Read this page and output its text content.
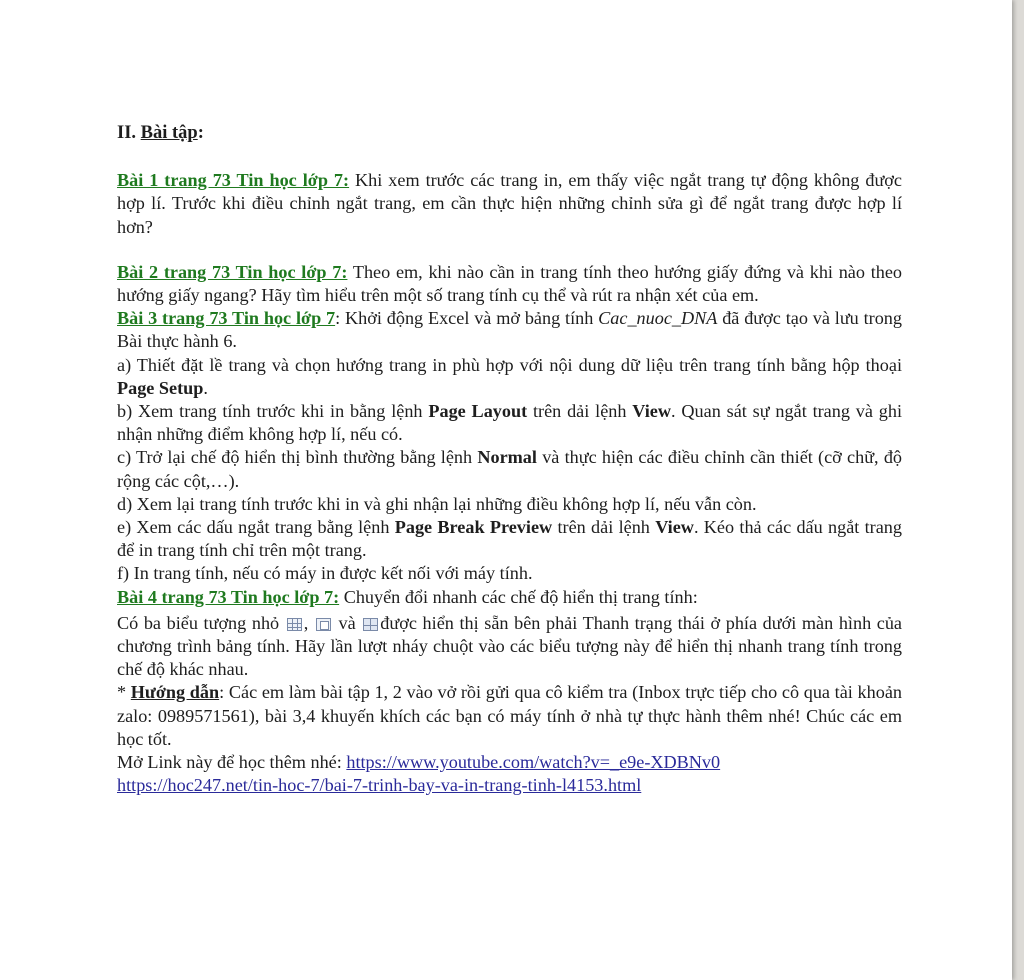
II. Bài tập:

Bài 1 trang 73 Tin học lớp 7: Khi xem trước các trang in, em thấy việc ngắt trang tự động không được hợp lí. Trước khi điều chỉnh ngắt trang, em cần thực hiện những chỉnh sửa gì để ngắt trang được hợp lí hơn?

Bài 2 trang 73 Tin học lớp 7: Theo em, khi nào cần in trang tính theo hướng giấy đứng và khi nào theo hướng giấy ngang? Hãy tìm hiểu trên một số trang tính cụ thể và rút ra nhận xét của em.

Bài 3 trang 73 Tin học lớp 7: Khởi động Excel và mở bảng tính Cac_nuoc_DNA đã được tạo và lưu trong Bài thực hành 6.

a) Thiết đặt lề trang và chọn hướng trang in phù hợp với nội dung dữ liệu trên trang tính bằng hộp thoại Page Setup.

b) Xem trang tính trước khi in bằng lệnh Page Layout trên dải lệnh View. Quan sát sự ngắt trang và ghi nhận những điểm không hợp lí, nếu có.

c) Trở lại chế độ hiển thị bình thường bằng lệnh Normal và thực hiện các điều chỉnh cần thiết (cỡ chữ, độ rộng các cột,…).

d) Xem lại trang tính trước khi in và ghi nhận lại những điều không hợp lí, nếu vẫn còn.

e) Xem các dấu ngắt trang bằng lệnh Page Break Preview trên dải lệnh View. Kéo thả các dấu ngắt trang để in trang tính chỉ trên một trang.

f) In trang tính, nếu có máy in được kết nối với máy tính.

Bài 4 trang 73 Tin học lớp 7: Chuyển đổi nhanh các chế độ hiển thị trang tính:

Có ba biểu tượng nhỏ ,  và được hiển thị sẵn bên phải Thanh trạng thái ở phía dưới màn hình của chương trình bảng tính. Hãy lần lượt nháy chuột vào các biểu tượng này để hiển thị nhanh trang tính trong chế độ khác nhau.

* Hướng dẫn: Các em làm bài tập 1, 2 vào vở rồi gửi qua cô kiểm tra (Inbox trực tiếp cho cô qua tài khoản zalo: 0989571561), bài 3,4 khuyến khích các bạn có máy tính ở nhà tự thực hành thêm nhé! Chúc các em học tốt.

Mở Link này để học thêm nhé: https://www.youtube.com/watch?v=_e9e-XDBNv0
https://hoc247.net/tin-hoc-7/bai-7-trinh-bay-va-in-trang-tinh-l4153.html
